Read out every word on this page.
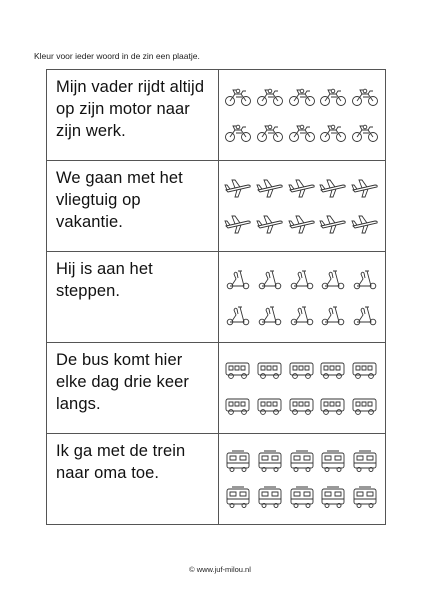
Kleur voor ieder woord in de zin een plaatje.
Mijn vader rijdt altijd op zijn motor naar zijn werk.

We gaan met het vliegtuig op vakantie.

Hij is aan het steppen.

De bus komt hier elke dag drie keer langs.

Ik ga met de trein naar oma toe.

© www.juf-milou.nl
